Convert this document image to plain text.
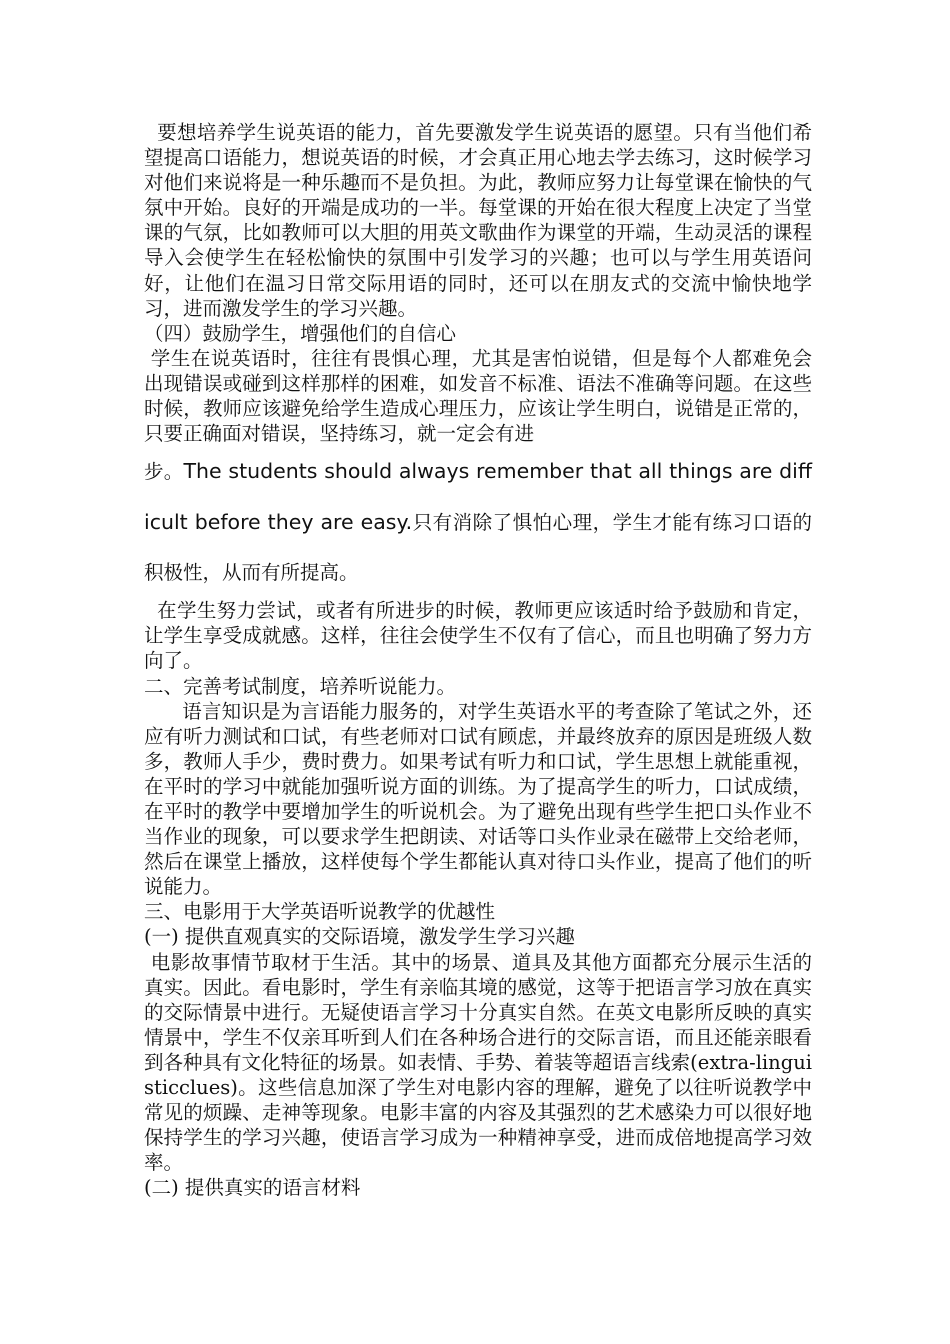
要想培养学生说英语的能力，首先要激发学生说英语的愿望。只有当他们希望提高口语能力，想说英语的时候，才会真正用心地去学去练习，这时候学习对他们来说将是一种乐趣而不是负担。为此，教师应努力让每堂课在愉快的气氛中开始。良好的开端是成功的一半。每堂课的开始在很大程度上决定了当堂课的气氛，比如教师可以大胆的用英文歌曲作为课堂的开端，生动灵活的课程导入会使学生在轻松愉快的氛围中引发学习的兴趣；也可以与学生用英语问好，让他们在温习日常交际用语的同时，还可以在朋友式的交流中愉快地学习，进而激发学生的学习兴趣。

（四）鼓励学生，增强他们的自信心

学生在说英语时，往往有畏惧心理，尤其是害怕说错，但是每个人都难免会出现错误或碰到这样那样的困难，如发音不标准、语法不准确等问题。在这些时候，教师应该避免给学生造成心理压力，应该让学生明白，说错是正常的，只要正确面对错误，坚持练习，就一定会有进

步。The students should always remember that all things are difficult before they are easy.只有消除了惧怕心理，学生才能有练习口语的积极性，从而有所提高。

在学生努力尝试，或者有所进步的时候，教师更应该适时给予鼓励和肯定，让学生享受成就感。这样，往往会使学生不仅有了信心，而且也明确了努力方向了。

二、完善考试制度，培养听说能力。

语言知识是为言语能力服务的，对学生英语水平的考查除了笔试之外，还应有听力测试和口试，有些老师对口试有顾虑，并最终放弃的原因是班级人数多，教师人手少，费时费力。如果考试有听力和口试，学生思想上就能重视，在平时的学习中就能加强听说方面的训练。为了提高学生的听力，口试成绩，在平时的教学中要增加学生的听说机会。为了避免出现有些学生把口头作业不当作业的现象，可以要求学生把朗读、对话等口头作业录在磁带上交给老师，然后在课堂上播放，这样使每个学生都能认真对待口头作业，提高了他们的听说能力。

三、电影用于大学英语听说教学的优越性

(一) 提供直观真实的交际语境，激发学生学习兴趣

电影故事情节取材于生活。其中的场景、道具及其他方面都充分展示生活的真实。因此。看电影时，学生有亲临其境的感觉，这等于把语言学习放在真实的交际情景中进行。无疑使语言学习十分真实自然。在英文电影所反映的真实情景中，学生不仅亲耳听到人们在各种场合进行的交际言语，而且还能亲眼看到各种具有文化特征的场景。如表情、手势、着装等超语言线索(extra-linguisticclues)。这些信息加深了学生对电影内容的理解，避免了以往听说教学中常见的烦躁、走神等现象。电影丰富的内容及其强烈的艺术感染力可以很好地保持学生的学习兴趣，使语言学习成为一种精神享受，进而成倍地提高学习效率。

(二) 提供真实的语言材料
